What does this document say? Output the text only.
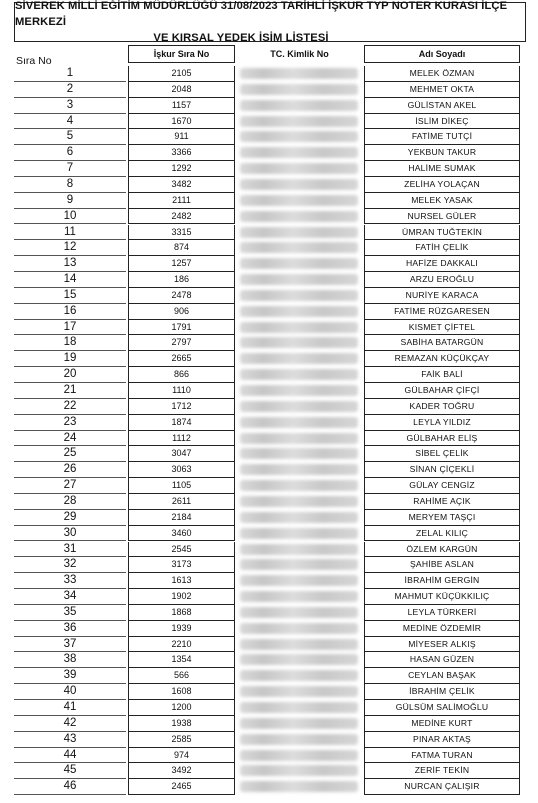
SİVEREK MİLLİ EĞİTİM MÜDÜRLÜĞÜ 31/08/2023 TARİHLİ İŞKUR TYP NOTER KURASI İLÇE MERKEZİ
VE KIRSAL YEDEK İSİM LİSTESİ
Sıra No
İşkur Sıra No	TC. Kimlik No	Adı Soyadı
1	2105	MELEK ÖZMAN
2	2048	MEHMET OKTA
3	1157	GÜLİSTAN AKEL
4	1670	İSLİM DİKEÇ
5	911	FATİME TUTÇİ
6	3366	YEKBUN TAKUR
7	1292	HALİME SUMAK
8	3482	ZELİHA YOLAÇAN
9	2111	MELEK YASAK
10	2482	NURSEL GÜLER
11	3315	ÜMRAN TUĞTEKİN
12	874	FATİH ÇELİK
13	1257	HAFİZE DAKKALI
14	186	ARZU EROĞLU
15	2478	NURİYE KARACA
16	906	FATİME RÜZGARESEN
17	1791	KISMET ÇİFTEL
18	2797	SABİHA BATARGÜN
19	2665	REMAZAN KÜÇÜKÇAY
20	866	FAİK BALİ
21	1110	GÜLBAHAR ÇİFÇİ
22	1712	KADER TOĞRU
23	1874	LEYLA YILDIZ
24	1112	GÜLBAHAR ELİŞ
25	3047	SİBEL ÇELİK
26	3063	SİNAN ÇİÇEKLİ
27	1105	GÜLAY CENGİZ
28	2611	RAHİME AÇIK
29	2184	MERYEM TAŞÇI
30	3460	ZELAL KILIÇ
31	2545	ÖZLEM KARGÜN
32	3173	ŞAHİBE ASLAN
33	1613	İBRAHİM GERGİN
34	1902	MAHMUT KÜÇÜKKILIÇ
35	1868	LEYLA TÜRKERİ
36	1939	MEDİNE ÖZDEMİR
37	2210	MİYESER ALKIŞ
38	1354	HASAN GÜZEN
39	566	CEYLAN BAŞAK
40	1608	İBRAHİM ÇELİK
41	1200	GÜLSÜM SALİMOĞLU
42	1938	MEDİNE KURT
43	2585	PINAR AKTAŞ
44	974	FATMA TURAN
45	3492	ZERİF TEKİN
46	2465	NURCAN ÇALIŞIR
